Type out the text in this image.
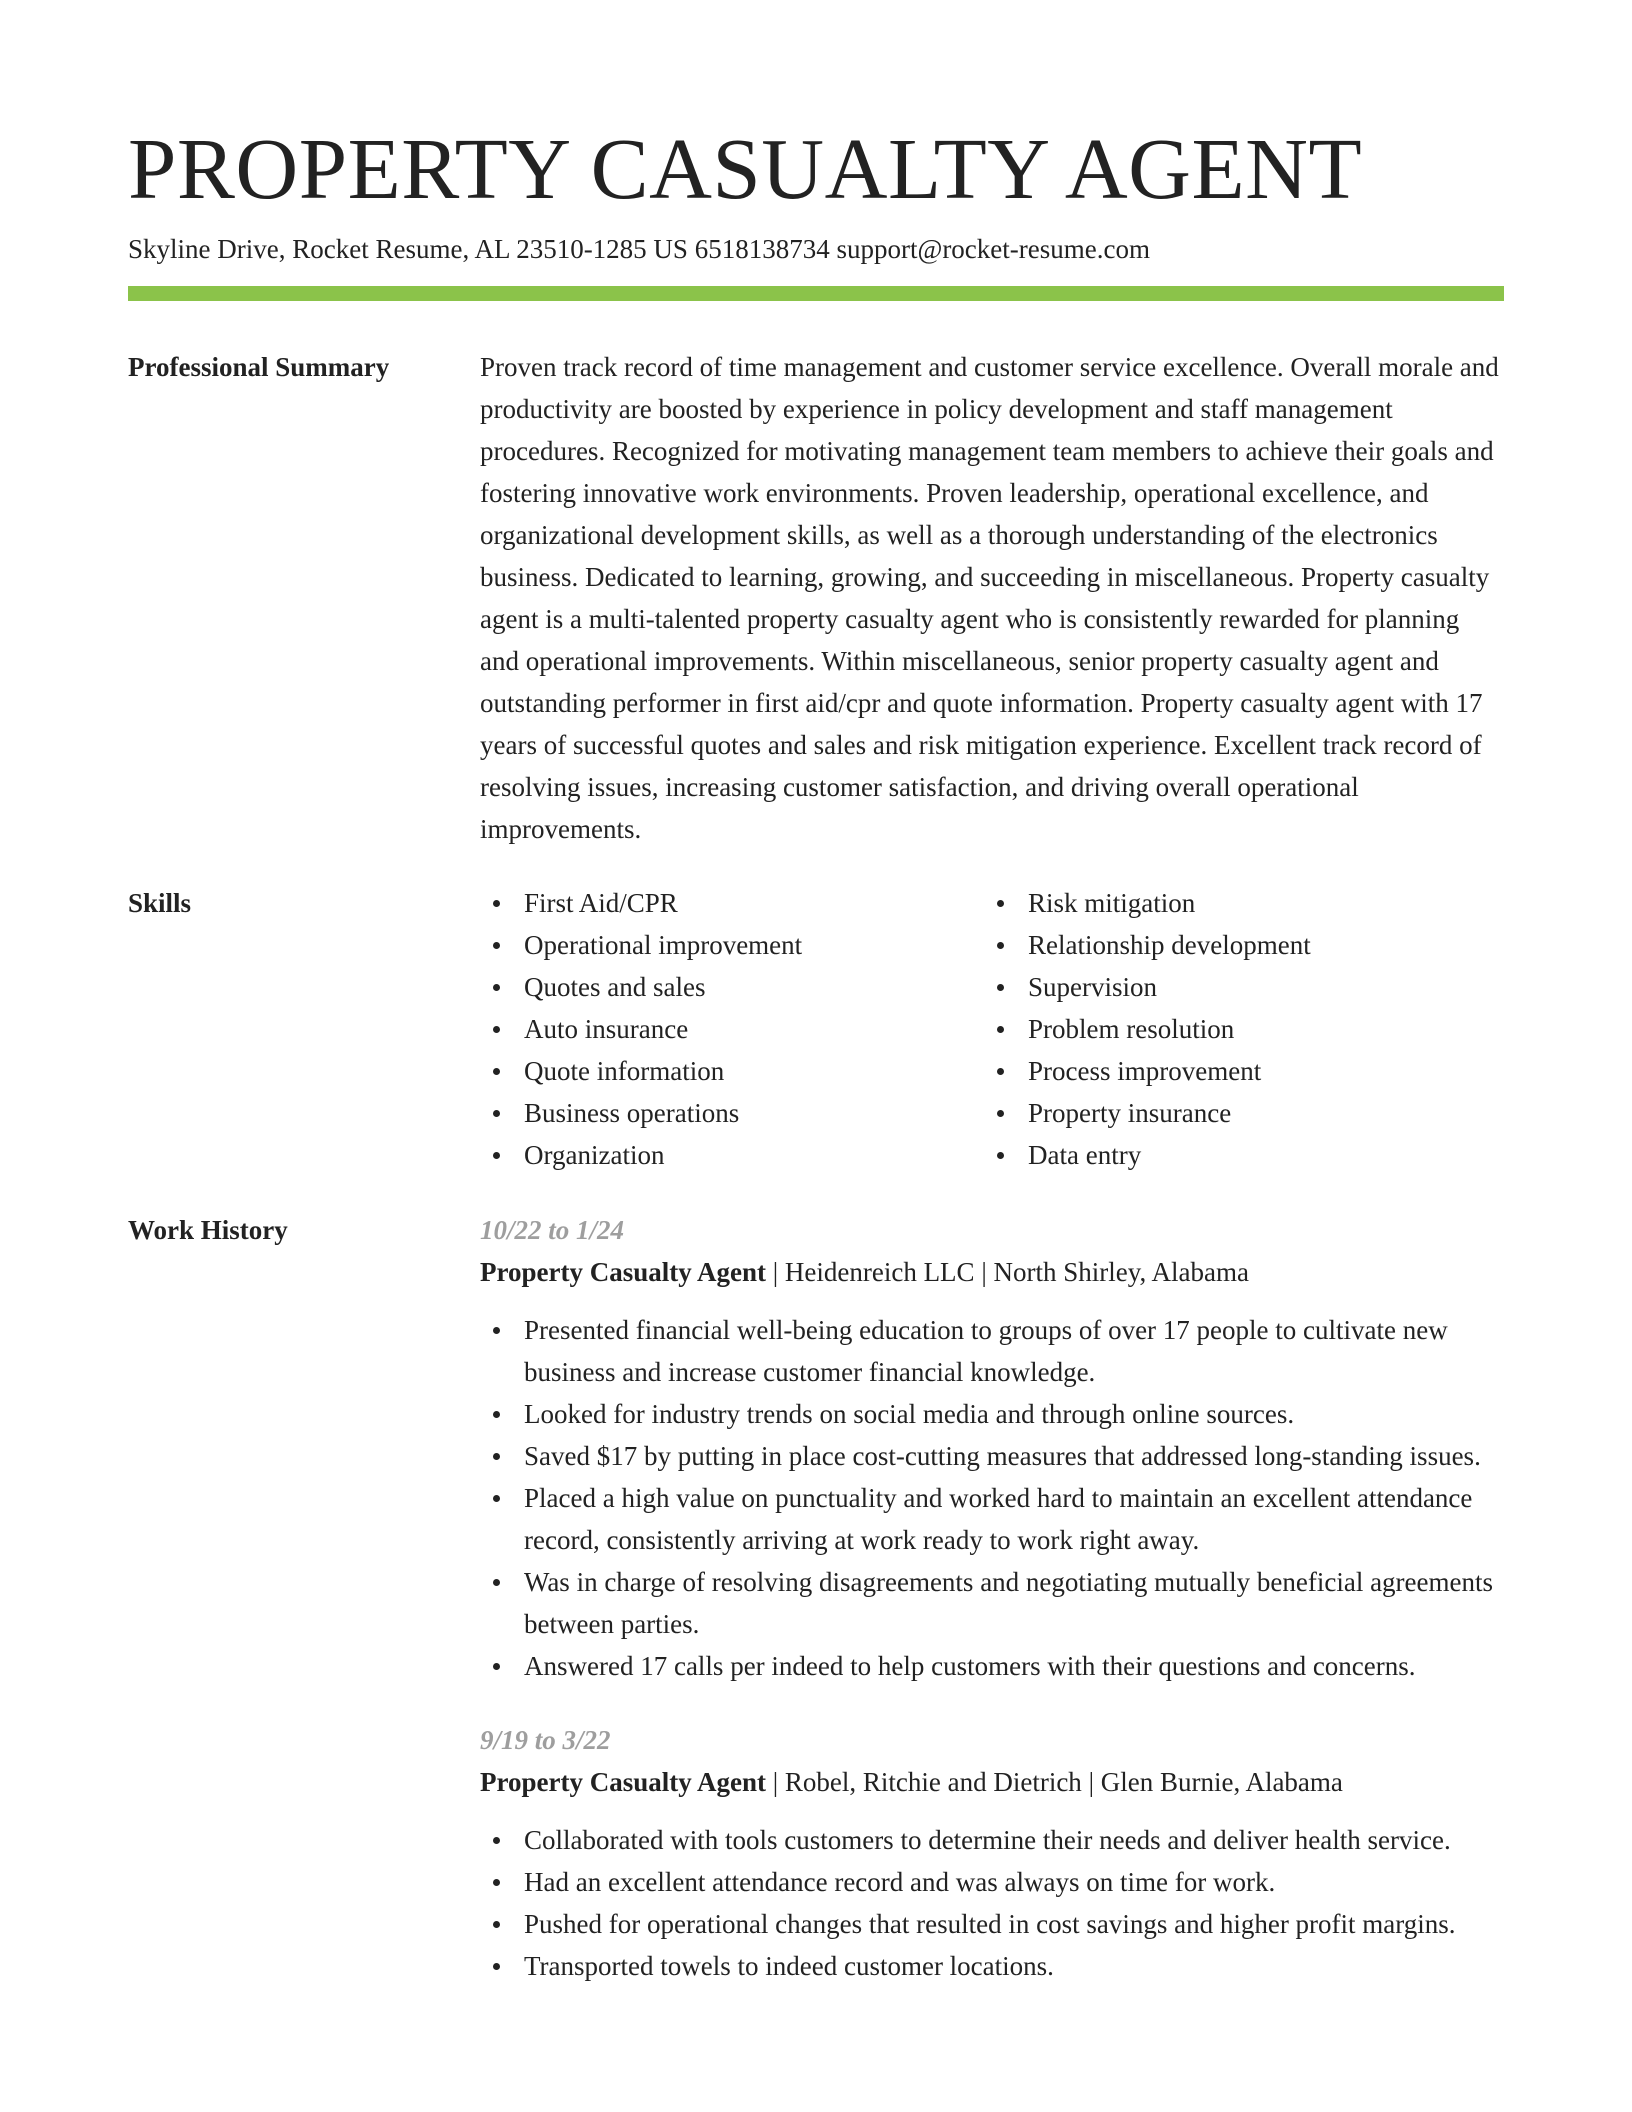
PROPERTY CASUALTY AGENT
Skyline Drive, Rocket Resume, AL 23510-1285 US 6518138734 support@rocket-resume.com
Professional Summary	Proven track record of time management and customer service excellence. Overall morale and productivity are boosted by experience in policy development and staff management procedures. Recognized for motivating management team members to achieve their goals and fostering innovative work environments. Proven leadership, operational excellence, and organizational development skills, as well as a thorough understanding of the electronics business. Dedicated to learning, growing, and succeeding in miscellaneous. Property casualty agent is a multi-talented property casualty agent who is consistently rewarded for planning and operational improvements. Within miscellaneous, senior property casualty agent and outstanding performer in first aid/cpr and quote information. Property casualty agent with 17 years of successful quotes and sales and risk mitigation experience. Excellent track record of resolving issues, increasing customer satisfaction, and driving overall operational improvements.

Skills	First Aid/CPR
Operational improvement
Quotes and sales
Auto insurance
Quote information
Business operations
Organization
Risk mitigation
Relationship development
Supervision
Problem resolution
Process improvement
Property insurance
Data entry
Work History	10/22 to 1/24
Property Casualty Agent | Heidenreich LLC | North Shirley, Alabama
Presented financial well-being education to groups of over 17 people to cultivate new business and increase customer financial knowledge.
Looked for industry trends on social media and through online sources.
Saved $17 by putting in place cost-cutting measures that addressed long-standing issues.
Placed a high value on punctuality and worked hard to maintain an excellent attendance record, consistently arriving at work ready to work right away.
Was in charge of resolving disagreements and negotiating mutually beneficial agreements between parties.
Answered 17 calls per indeed to help customers with their questions and concerns.
9/19 to 3/22
Property Casualty Agent | Robel, Ritchie and Dietrich | Glen Burnie, Alabama
Collaborated with tools customers to determine their needs and deliver health service.
Had an excellent attendance record and was always on time for work.
Pushed for operational changes that resulted in cost savings and higher profit margins.
Transported towels to indeed customer locations.
